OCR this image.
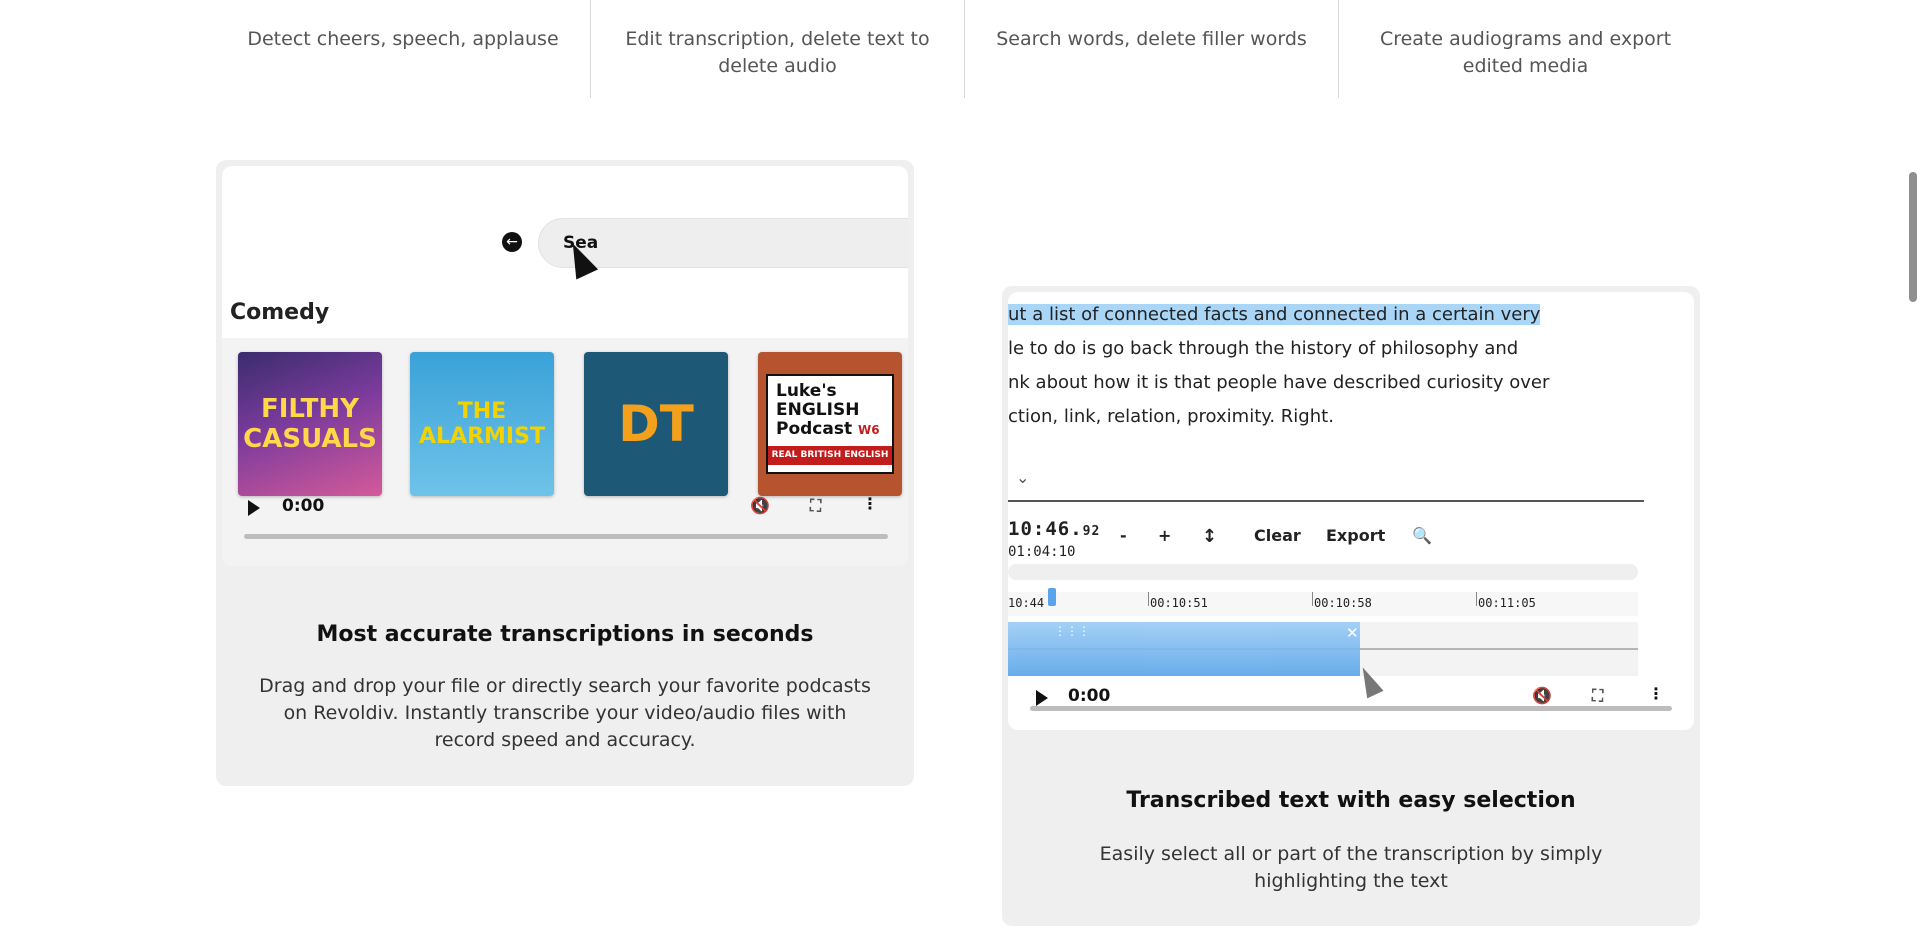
Detect cheers, speech, applause	Edit transcription, delete text to
delete audio
Search words, delete filler words	Create audiograms and export
edited media
←	Sea
Comedy
FILTHY CASUALS
THE ALARMIST DT
Luke's
ENGLISH
Podcast W6
REAL BRITISH ENGLISH
0:00	🔇	⛶	⋮
Most accurate transcriptions in seconds
Drag and drop your file or directly search your favorite podcasts on Revoldiv. Instantly transcribe your video/audio files with record speed and accuracy.
ut a list of connected facts and connected in a certain very
le to do is go back through the history of philosophy and
nk about how it is that people have described curiosity over
ction, link, relation, proximity. Right.
⌄
10:46.92
01:04:10
- + ↕ Clear Export 🔍
10:44	00:10:51	00:10:58	00:11:05
⋮⋮⋮	✕
0:00	🔇	⛶	⋮
Transcribed text with easy selection
Easily select all or part of the transcription by simply highlighting the text
